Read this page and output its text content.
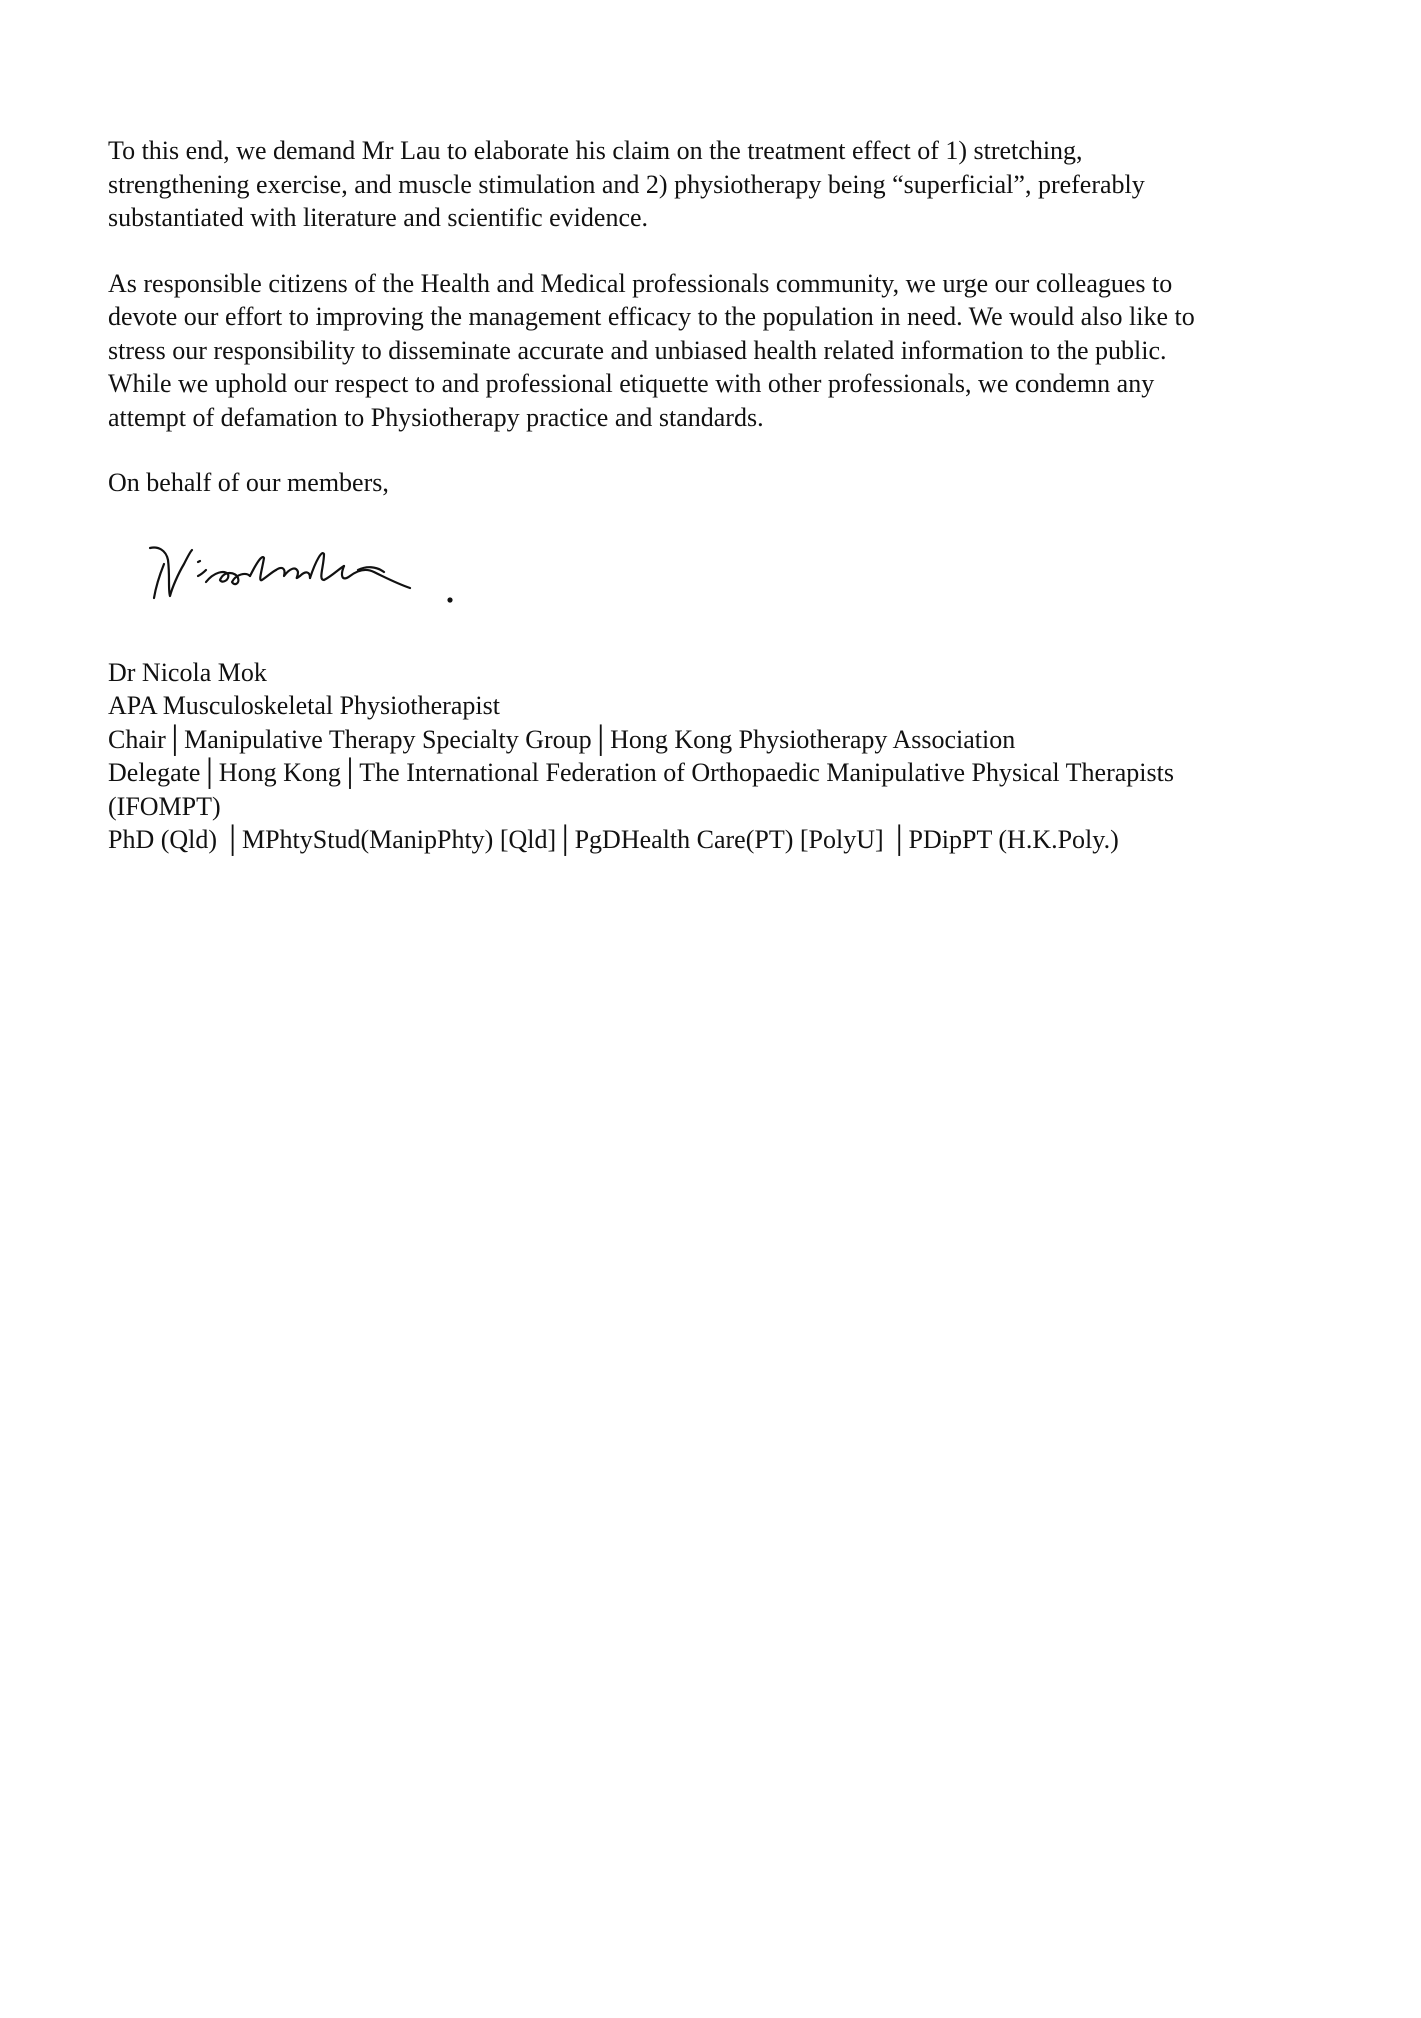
To this end, we demand Mr Lau to elaborate his claim on the treatment effect of 1) stretching,
strengthening exercise, and muscle stimulation and 2) physiotherapy being “superficial”, preferably
substantiated with literature and scientific evidence.

As responsible citizens of the Health and Medical professionals community, we urge our colleagues to
devote our effort to improving the management efficacy to the population in need. We would also like to
stress our responsibility to disseminate accurate and unbiased health related information to the public.
While we uphold our respect to and professional etiquette with other professionals, we condemn any
attempt of defamation to Physiotherapy practice and standards.

On behalf of our members,

Dr Nicola Mok
APA Musculoskeletal Physiotherapist
Chair│Manipulative Therapy Specialty Group│Hong Kong Physiotherapy Association
Delegate│Hong Kong│The International Federation of Orthopaedic Manipulative Physical Therapists
(IFOMPT)
PhD (Qld) │MPhtyStud(ManipPhty) [Qld]│PgDHealth Care(PT) [PolyU] │PDipPT (H.K.Poly.)
